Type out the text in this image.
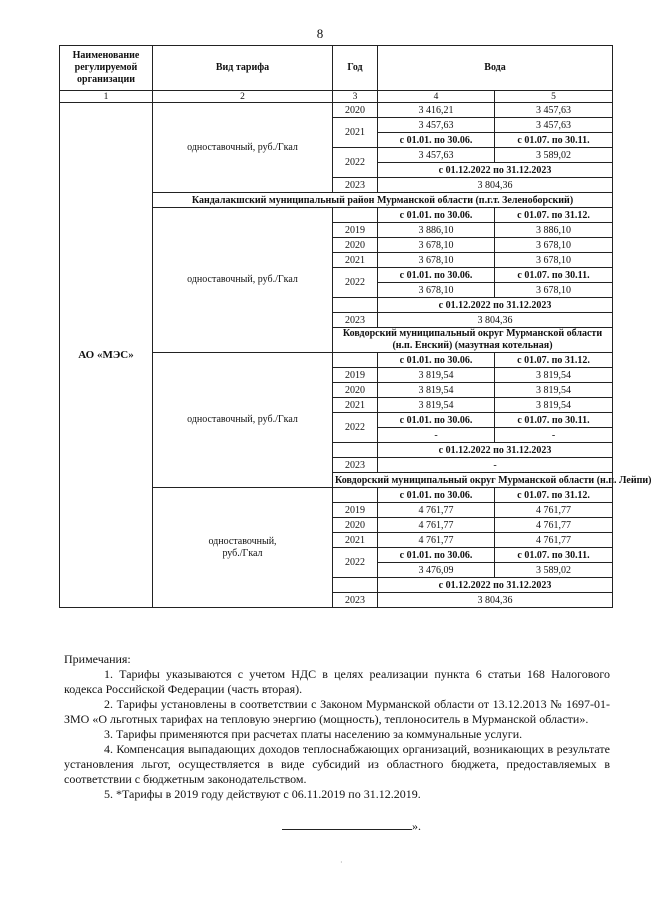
8
Наименование регулируемой организации	Вид тарифа	Год	Вода	
1	2	3	4	5
АО «МЭС»	одноставочный, руб./Гкал	2020	3 416,21	3 457,63
		2021	3 457,63	3 457,63
			с 01.01. по 30.06.	с 01.07. по 30.11.
		2022	3 457,63	3 589,02
			с 01.12.2022 по 31.12.2023	
		2023	3 804,36	
	Кандалакшский муниципальный район Мурманской области (п.г.т. Зеленоборский)			
	одноставочный, руб./Гкал		с 01.01. по 30.06.	с 01.07. по 31.12.
		2019	3 886,10	3 886,10
		2020	3 678,10	3 678,10
		2021	3 678,10	3 678,10
		2022	с 01.01. по 30.06.	с 01.07. по 30.11.
			3 678,10	3 678,10
			с 01.12.2022 по 31.12.2023	
		2023	3 804,36	
		Ковдорский муниципальный округ Мурманской области (н.п. Енский) (мазутная котельная)		
	одноставочный, руб./Гкал		с 01.01. по 30.06.	с 01.07. по 31.12.
		2019	3 819,54	3 819,54
		2020	3 819,54	3 819,54
		2021	3 819,54	3 819,54
		2022	с 01.01. по 30.06.	с 01.07. по 30.11.
			-	-
			с 01.12.2022 по 31.12.2023	
		2023	-	
		Ковдорский муниципальный округ Мурманской области (н.п. Лейпи)		

	одноставочный,
руб./Гкал		с 01.01. по 30.06.	с 01.07. по 31.12.
		2019	4 761,77	4 761,77
		2020	4 761,77	4 761,77
		2021	4 761,77	4 761,77
		2022	с 01.01. по 30.06.	с 01.07. по 30.11.
			3 476,09	3 589,02
			с 01.12.2022 по 31.12.2023	
		2023	3 804,36	

Примечания:

1. Тарифы указываются с учетом НДС в целях реализации пункта 6 статьи 168 Налогового кодекса Российской Федерации (часть вторая).

2. Тарифы установлены в соответствии с Законом Мурманской области от 13.12.2013 № 1697-01-ЗМО «О льготных тарифах на тепловую энергию (мощность), теплоноситель в Мурманской области».

3. Тарифы применяются при расчетах платы населению за коммунальные услуги.

4. Компенсация выпадающих доходов теплоснабжающих организаций, возникающих в результате установления льгот, осуществляется в виде субсидий из областного бюджета, предоставляемых в соответствии с бюджетным законодательством.

5. *Тарифы в 2019 году действуют с 06.11.2019 по 31.12.2019.

».
·
